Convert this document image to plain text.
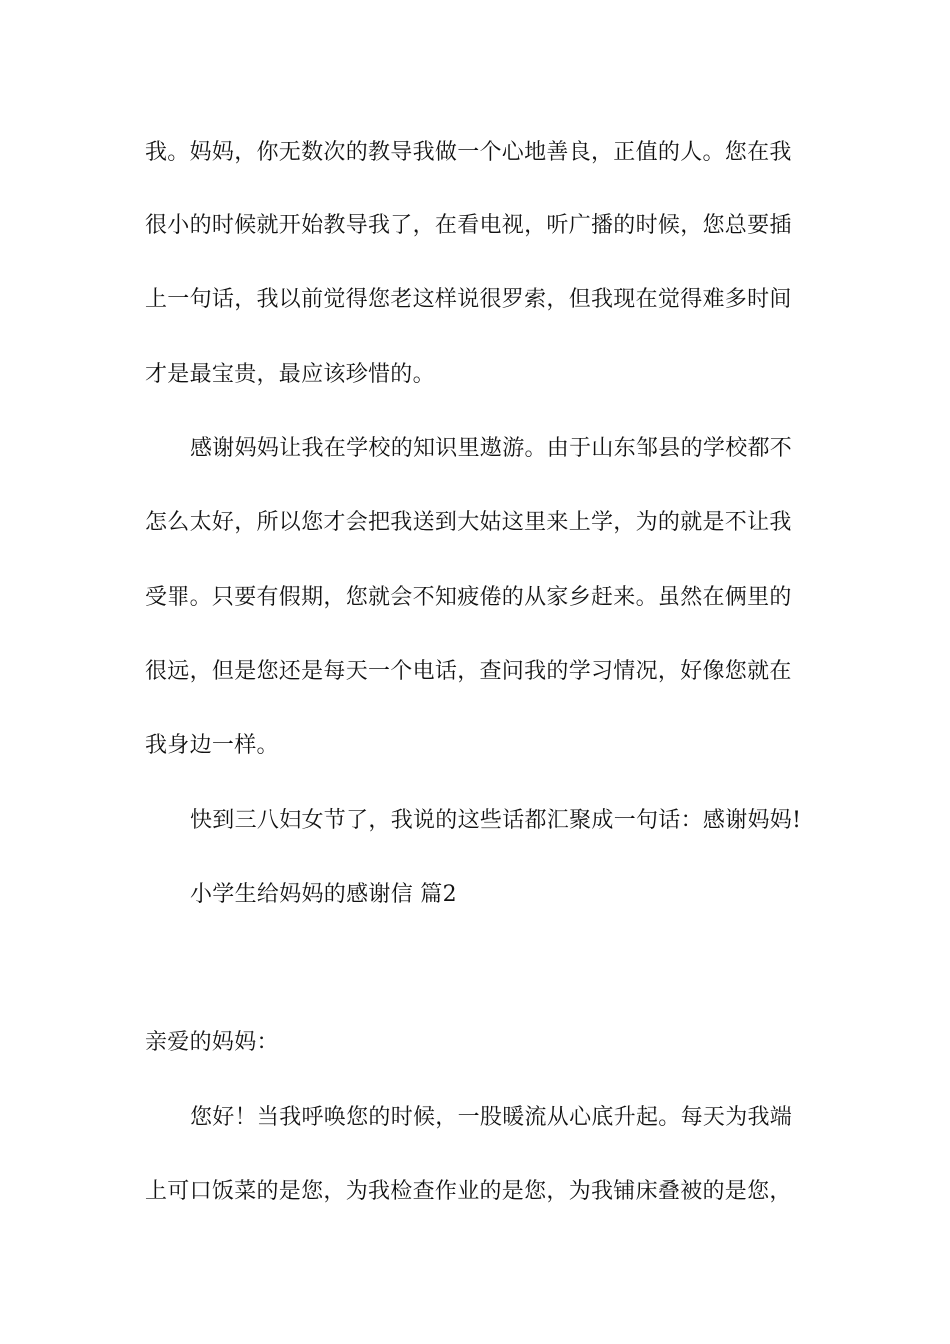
我。妈妈，你无数次的教导我做一个心地善良，正值的人。您在我
很小的时候就开始教导我了，在看电视，听广播的时候，您总要插
上一句话，我以前觉得您老这样说很罗索，但我现在觉得难多时间
才是最宝贵，最应该珍惜的。
感谢妈妈让我在学校的知识里遨游。由于山东邹县的学校都不
怎么太好，所以您才会把我送到大姑这里来上学，为的就是不让我
受罪。只要有假期，您就会不知疲倦的从家乡赶来。虽然在俩里的
很远，但是您还是每天一个电话，查问我的学习情况，好像您就在
我身边一样。
快到三八妇女节了，我说的这些话都汇聚成一句话：感谢妈妈!
小学生给妈妈的感谢信 篇2
亲爱的妈妈：
您好！当我呼唤您的时候，一股暖流从心底升起。每天为我端
上可口饭菜的是您，为我检查作业的是您，为我铺床叠被的是您，
